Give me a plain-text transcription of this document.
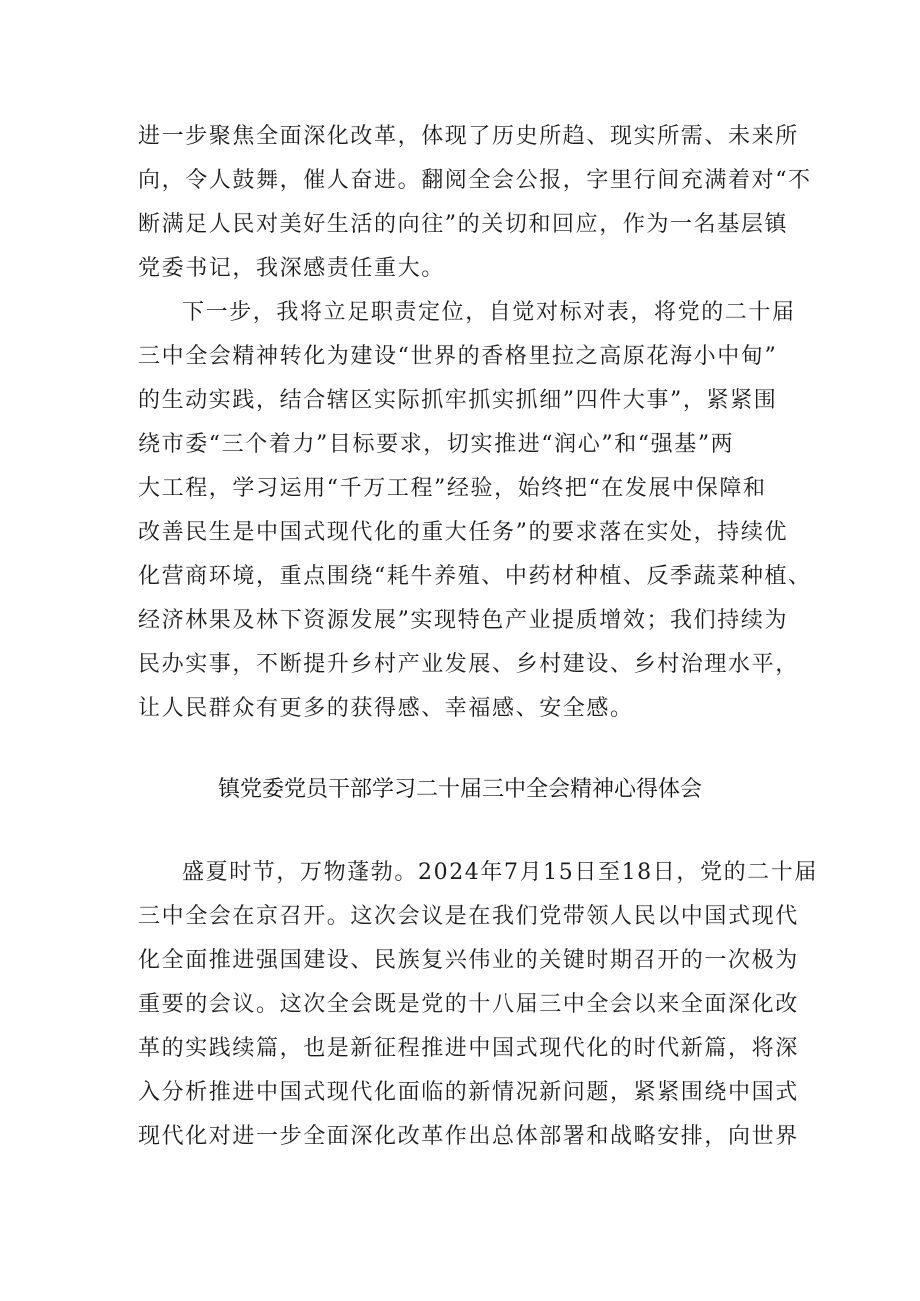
进一步聚焦全面深化改革，体现了历史所趋、现实所需、未来所
向，令人鼓舞，催人奋进。翻阅全会公报，字里行间充满着对“不
断满足人民对美好生活的向往”的关切和回应，作为一名基层镇
党委书记，我深感责任重大。
下一步，我将立足职责定位，自觉对标对表，将党的二十届
三中全会精神转化为建设“世界的香格里拉之高原花海小中甸”
的生动实践，结合辖区实际抓牢抓实抓细”四件大事”，紧紧围
绕市委“三个着力”目标要求，切实推进“润心”和“强基”两
大工程，学习运用“千万工程”经验，始终把“在发展中保障和
改善民生是中国式现代化的重大任务”的要求落在实处，持续优
化营商环境，重点围绕“耗牛养殖、中药材种植、反季蔬菜种植、
经济林果及林下资源发展”实现特色产业提质增效；我们持续为
民办实事，不断提升乡村产业发展、乡村建设、乡村治理水平，
让人民群众有更多的获得感、幸福感、安全感。
镇党委党员干部学习二十届三中全会精神心得体会
盛夏时节，万物蓬勃。2024年7月15日至18日，党的二十届
三中全会在京召开。这次会议是在我们党带领人民以中国式现代
化全面推进强国建设、民族复兴伟业的关键时期召开的一次极为
重要的会议。这次全会既是党的十八届三中全会以来全面深化改
革的实践续篇，也是新征程推进中国式现代化的时代新篇，将深
入分析推进中国式现代化面临的新情况新问题，紧紧围绕中国式
现代化对进一步全面深化改革作出总体部署和战略安排，向世界
